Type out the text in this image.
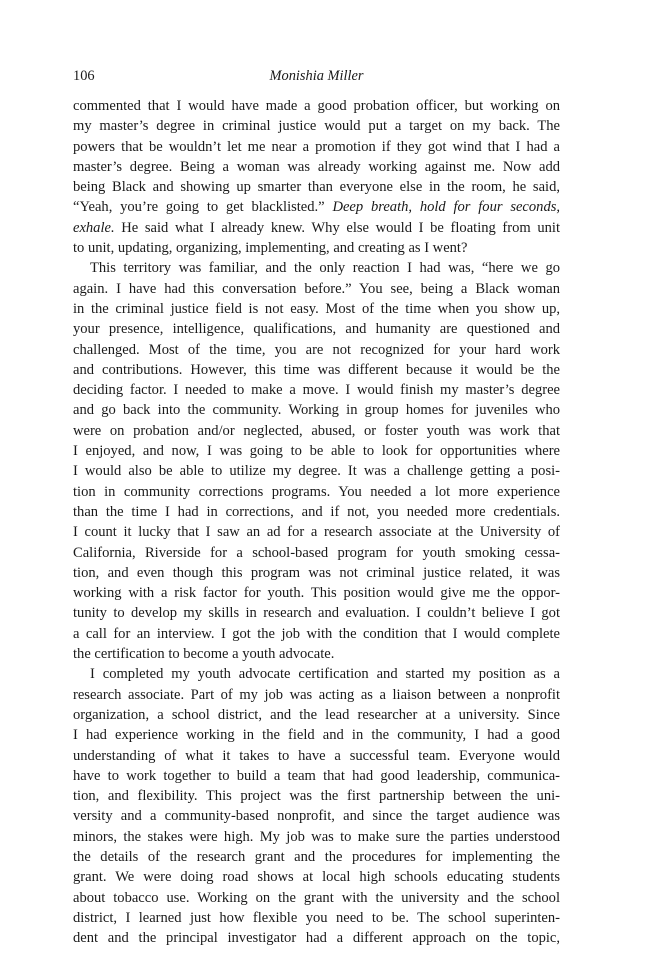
106	Monishia Miller
commented that I would have made a good probation officer, but working on
my master’s degree in criminal justice would put a target on my back. The
powers that be wouldn’t let me near a promotion if they got wind that I had a
master’s degree. Being a woman was already working against me. Now add
being Black and showing up smarter than everyone else in the room, he said,
“Yeah, you’re going to get blacklisted.” Deep breath, hold for four seconds,
exhale. He said what I already knew. Why else would I be floating from unit
to unit, updating, organizing, implementing, and creating as I went?
This territory was familiar, and the only reaction I had was, “here we go
again. I have had this conversation before.” You see, being a Black woman
in the criminal justice field is not easy. Most of the time when you show up,
your presence, intelligence, qualifications, and humanity are questioned and
challenged. Most of the time, you are not recognized for your hard work
and contributions. However, this time was different because it would be the
deciding factor. I needed to make a move. I would finish my master’s degree
and go back into the community. Working in group homes for juveniles who
were on probation and/or neglected, abused, or foster youth was work that
I enjoyed, and now, I was going to be able to look for opportunities where
I would also be able to utilize my degree. It was a challenge getting a posi-
tion in community corrections programs. You needed a lot more experience
than the time I had in corrections, and if not, you needed more credentials.
I count it lucky that I saw an ad for a research associate at the University of
California, Riverside for a school-based program for youth smoking cessa-
tion, and even though this program was not criminal justice related, it was
working with a risk factor for youth. This position would give me the oppor-
tunity to develop my skills in research and evaluation. I couldn’t believe I got
a call for an interview. I got the job with the condition that I would complete
the certification to become a youth advocate.
I completed my youth advocate certification and started my position as a
research associate. Part of my job was acting as a liaison between a nonprofit
organization, a school district, and the lead researcher at a university. Since
I had experience working in the field and in the community, I had a good
understanding of what it takes to have a successful team. Everyone would
have to work together to build a team that had good leadership, communica-
tion, and flexibility. This project was the first partnership between the uni-
versity and a community-based nonprofit, and since the target audience was
minors, the stakes were high. My job was to make sure the parties understood
the details of the research grant and the procedures for implementing the
grant. We were doing road shows at local high schools educating students
about tobacco use. Working on the grant with the university and the school
district, I learned just how flexible you need to be. The school superinten-
dent and the principal investigator had a different approach on the topic,
